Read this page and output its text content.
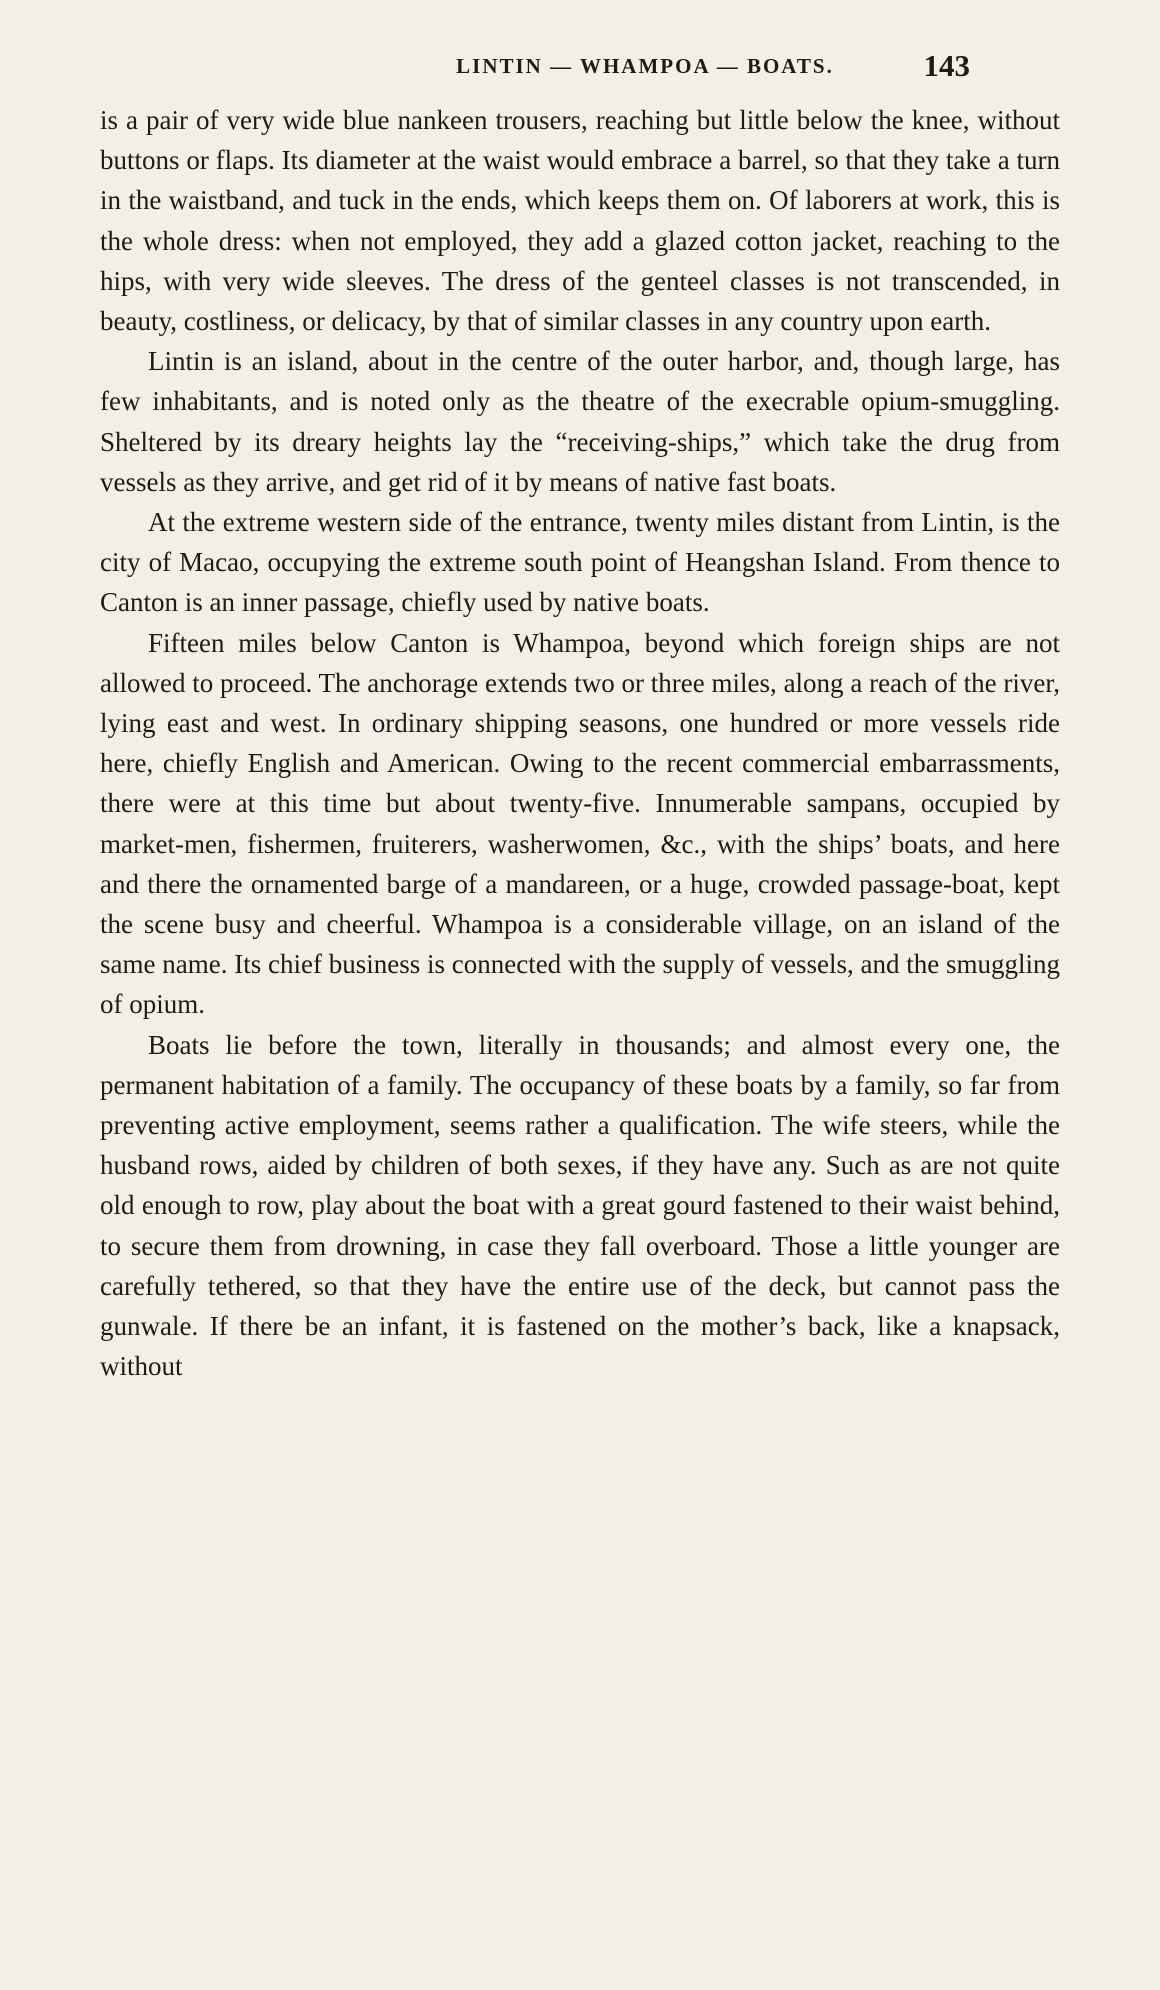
LINTIN — WHAMPOA — BOATS.	143

is a pair of very wide blue nankeen trousers, reaching but little below the knee, without buttons or flaps. Its diameter at the waist would embrace a barrel, so that they take a turn in the waistband, and tuck in the ends, which keeps them on. Of laborers at work, this is the whole dress: when not employed, they add a glazed cotton jacket, reaching to the hips, with very wide sleeves. The dress of the genteel classes is not transcended, in beauty, costliness, or delicacy, by that of similar classes in any country upon earth.

Lintin is an island, about in the centre of the outer harbor, and, though large, has few inhabitants, and is noted only as the theatre of the execrable opium-smuggling. Sheltered by its dreary heights lay the “receiving-ships,” which take the drug from vessels as they arrive, and get rid of it by means of native fast boats.

At the extreme western side of the entrance, twenty miles distant from Lintin, is the city of Macao, occupying the extreme south point of Heangshan Island. From thence to Canton is an inner passage, chiefly used by native boats.

Fifteen miles below Canton is Whampoa, beyond which foreign ships are not allowed to proceed. The anchorage extends two or three miles, along a reach of the river, lying east and west. In ordinary shipping seasons, one hundred or more vessels ride here, chiefly English and American. Owing to the recent commercial embarrassments, there were at this time but about twenty-five. Innumerable sampans, occupied by market-men, fishermen, fruiterers, washerwomen, &c., with the ships’ boats, and here and there the ornamented barge of a mandareen, or a huge, crowded passage-boat, kept the scene busy and cheerful. Whampoa is a considerable village, on an island of the same name. Its chief business is connected with the supply of vessels, and the smuggling of opium.

Boats lie before the town, literally in thousands; and almost every one, the permanent habitation of a family. The occupancy of these boats by a family, so far from preventing active employment, seems rather a qualification. The wife steers, while the husband rows, aided by children of both sexes, if they have any. Such as are not quite old enough to row, play about the boat with a great gourd fastened to their waist behind, to secure them from drowning, in case they fall overboard. Those a little younger are carefully tethered, so that they have the entire use of the deck, but cannot pass the gunwale. If there be an infant, it is fastened on the mother’s back, like a knapsack, without
